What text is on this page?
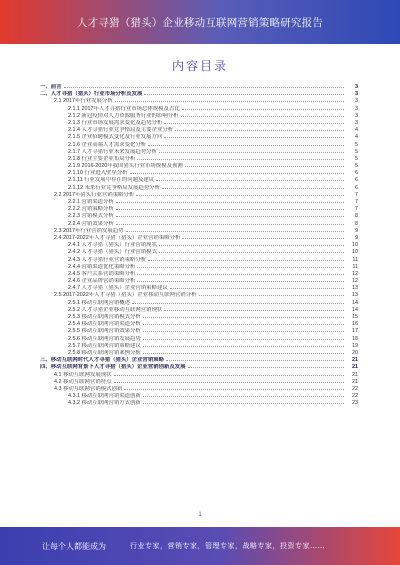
人才寻猎（猎头）企业移动互联网营销策略研究报告
内容目录
一、前言	3
二、人才寻猎（猎头）行业市场分析及发展	3
2.1 2017年行业发展分析	3
2.1.1 2017年人才寻猎行业市场总体规模及占比	3
2.1.2 新冠疫情对人力资源服务行业的影响分析	3
2.1.3 行业市场发展需求变化及趋势分析	3
2.1.4 人才寻猎行业竞争格局及主要企业分析	4
2.1.5 企业招聘模式变化及行业发展方向	4
2.1.6 企业高端人才需求变化分析	5
2.1.7 人才寻猎行业未来发展趋势分析	5
2.1.8 行业主要企业布局分析	5
2.1.9 2016-2020年我国猎头行业市场规模及预测	5
2.1.10 行业进入壁垒分析	6
2.1.11 行业发展中存在的问题及建议	6
2.1.12 未来行业竞争格局发展趋势分析	6
2.2 2017年猎头行业营销策略分析	7
2.2.1 营销渠道分析	7
2.2.2 营销策略分析	7
2.2.3 营销模式分析	8
2.2.4 营销效果分析	8
2.3 2017年行业营销发展趋势	9
2.4 2017-2022年人才寻猎（猎头）企业营销策略分析	9
2.4.1 人才寻猎（猎头）行业营销现状	10
2.4.2 人才寻猎（猎头）行业营销模式	10
2.4.3 人才寻猎行业营销策略分析	11
2.4.4 营销渠道优化策略分析	11
2.4.5 客户关系营销策略分析	12
2.4.6 企业品牌营销策略分析	12
2.4.7 人才寻猎（猎头）企业营销策略建议	13
2.5 2017-2022年人才寻猎（猎头）企业移动互联网营销分析	13
2.5.1 移动互联网营销概述	14
2.5.2 人才寻猎企业移动互联网营销现状	14
2.5.3 移动互联网营销模式分析	15
2.5.4 移动互联网营销渠道分析	16
2.5.5 移动互联网营销效果分析	17
2.5.6 移动互联网营销发展趋势	18
2.5.7 移动互联网营销策略建议	19
2.5.8 移动互联网营销案例分析	20
三、移动互联网时代人才寻猎（猎头）企业营销策略	21
四、移动互联网背景下人才寻猎（猎头）企业营销创新及发展	21
4.1 移动互联网发展现状	21
4.2 移动互联网营销特点	21
4.3 移动互联网营销模式创新	22
4.3.1 移动互联网营销渠道创新	22
4.3.2 移动互联网营销方式创新	23
1
让每个人都能成为	行业专家，营销专家，管理专家，战略专家，投资专家……
